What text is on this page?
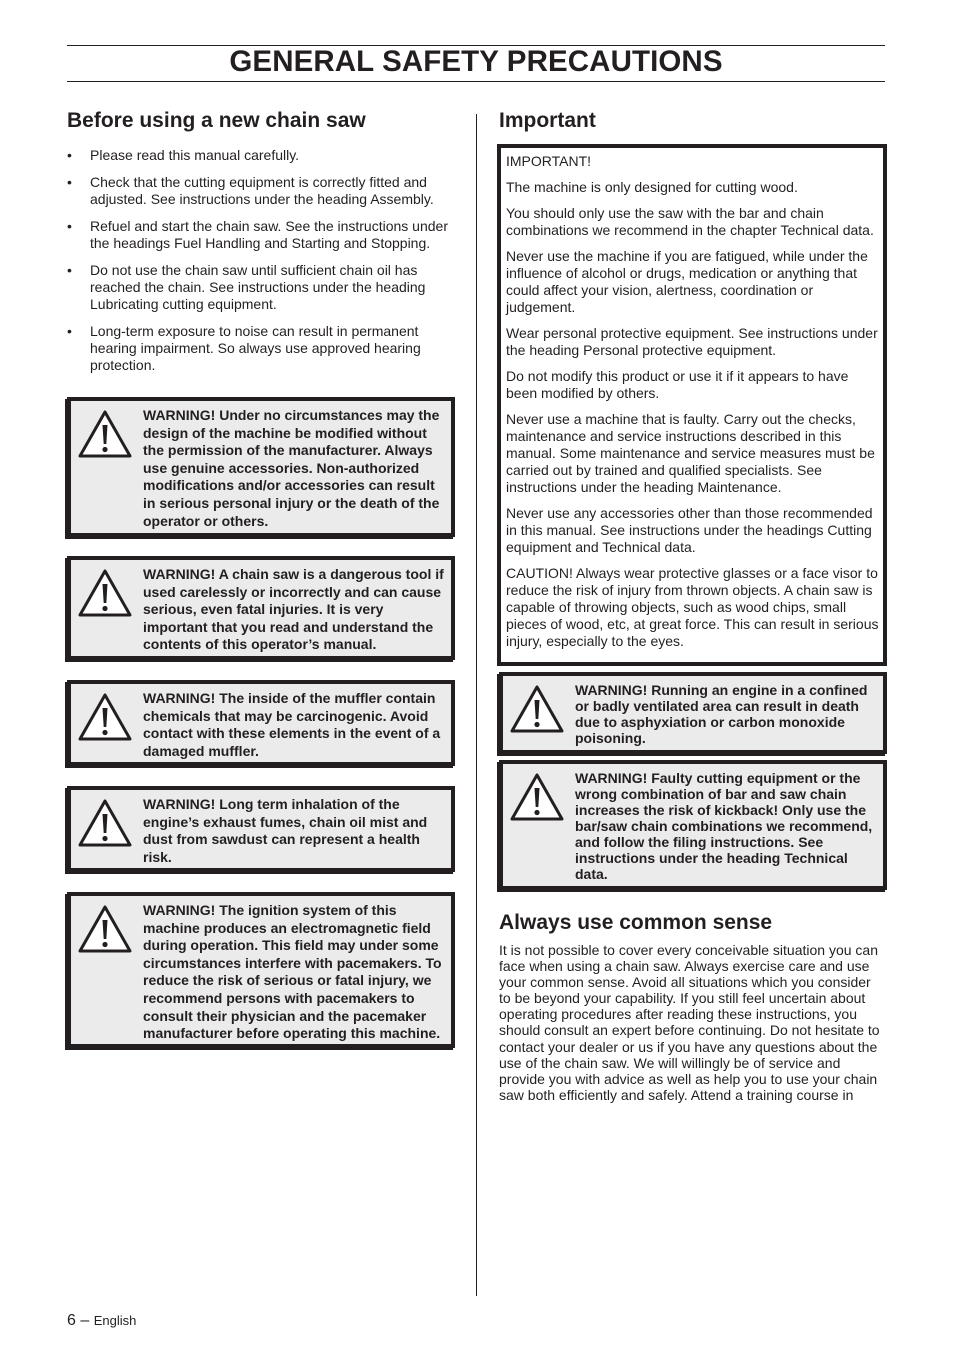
GENERAL SAFETY PRECAUTIONS
Before using a new chain saw
• Please read this manual carefully.
• Check that the cutting equipment is correctly fitted and adjusted. See instructions under the heading Assembly.
• Refuel and start the chain saw. See the instructions under the headings Fuel Handling and Starting and Stopping.
• Do not use the chain saw until sufficient chain oil has reached the chain. See instructions under the heading Lubricating cutting equipment.
• Long-term exposure to noise can result in permanent hearing impairment. So always use approved hearing protection.
WARNING! Under no circumstances may the design of the machine be modified without the permission of the manufacturer. Always use genuine accessories. Non-authorized modifications and/or accessories can result in serious personal injury or the death of the operator or others.
WARNING! A chain saw is a dangerous tool if used carelessly or incorrectly and can cause serious, even fatal injuries. It is very important that you read and understand the contents of this operator’s manual.
WARNING! The inside of the muffler contain chemicals that may be carcinogenic. Avoid contact with these elements in the event of a damaged muffler.
WARNING! Long term inhalation of the engine’s exhaust fumes, chain oil mist and dust from sawdust can represent a health risk.
WARNING! The ignition system of this machine produces an electromagnetic field during operation. This field may under some circumstances interfere with pacemakers. To reduce the risk of serious or fatal injury, we recommend persons with pacemakers to consult their physician and the pacemaker manufacturer before operating this machine.
Important

IMPORTANT!

The machine is only designed for cutting wood.

You should only use the saw with the bar and chain combinations we recommend in the chapter Technical data.

Never use the machine if you are fatigued, while under the influence of alcohol or drugs, medication or anything that could affect your vision, alertness, coordination or judgement.

Wear personal protective equipment. See instructions under the heading Personal protective equipment.

Do not modify this product or use it if it appears to have been modified by others.

Never use a machine that is faulty. Carry out the checks, maintenance and service instructions described in this manual. Some maintenance and service measures must be carried out by trained and qualified specialists. See instructions under the heading Maintenance.

Never use any accessories other than those recommended in this manual. See instructions under the headings Cutting equipment and Technical data.

CAUTION! Always wear protective glasses or a face visor to reduce the risk of injury from thrown objects. A chain saw is capable of throwing objects, such as wood chips, small pieces of wood, etc, at great force. This can result in serious injury, especially to the eyes.

WARNING! Running an engine in a confined or badly ventilated area can result in death due to asphyxiation or carbon monoxide poisoning.
WARNING! Faulty cutting equipment or the wrong combination of bar and saw chain increases the risk of kickback! Only use the bar/saw chain combinations we recommend, and follow the filing instructions. See instructions under the heading Technical data.
Always use common sense

It is not possible to cover every conceivable situation you can face when using a chain saw. Always exercise care and use your common sense. Avoid all situations which you consider to be beyond your capability. If you still feel uncertain about operating procedures after reading these instructions, you should consult an expert before continuing. Do not hesitate to contact your dealer or us if you have any questions about the use of the chain saw. We will willingly be of service and provide you with advice as well as help you to use your chain saw both efficiently and safely. Attend a training course in

6 – English
